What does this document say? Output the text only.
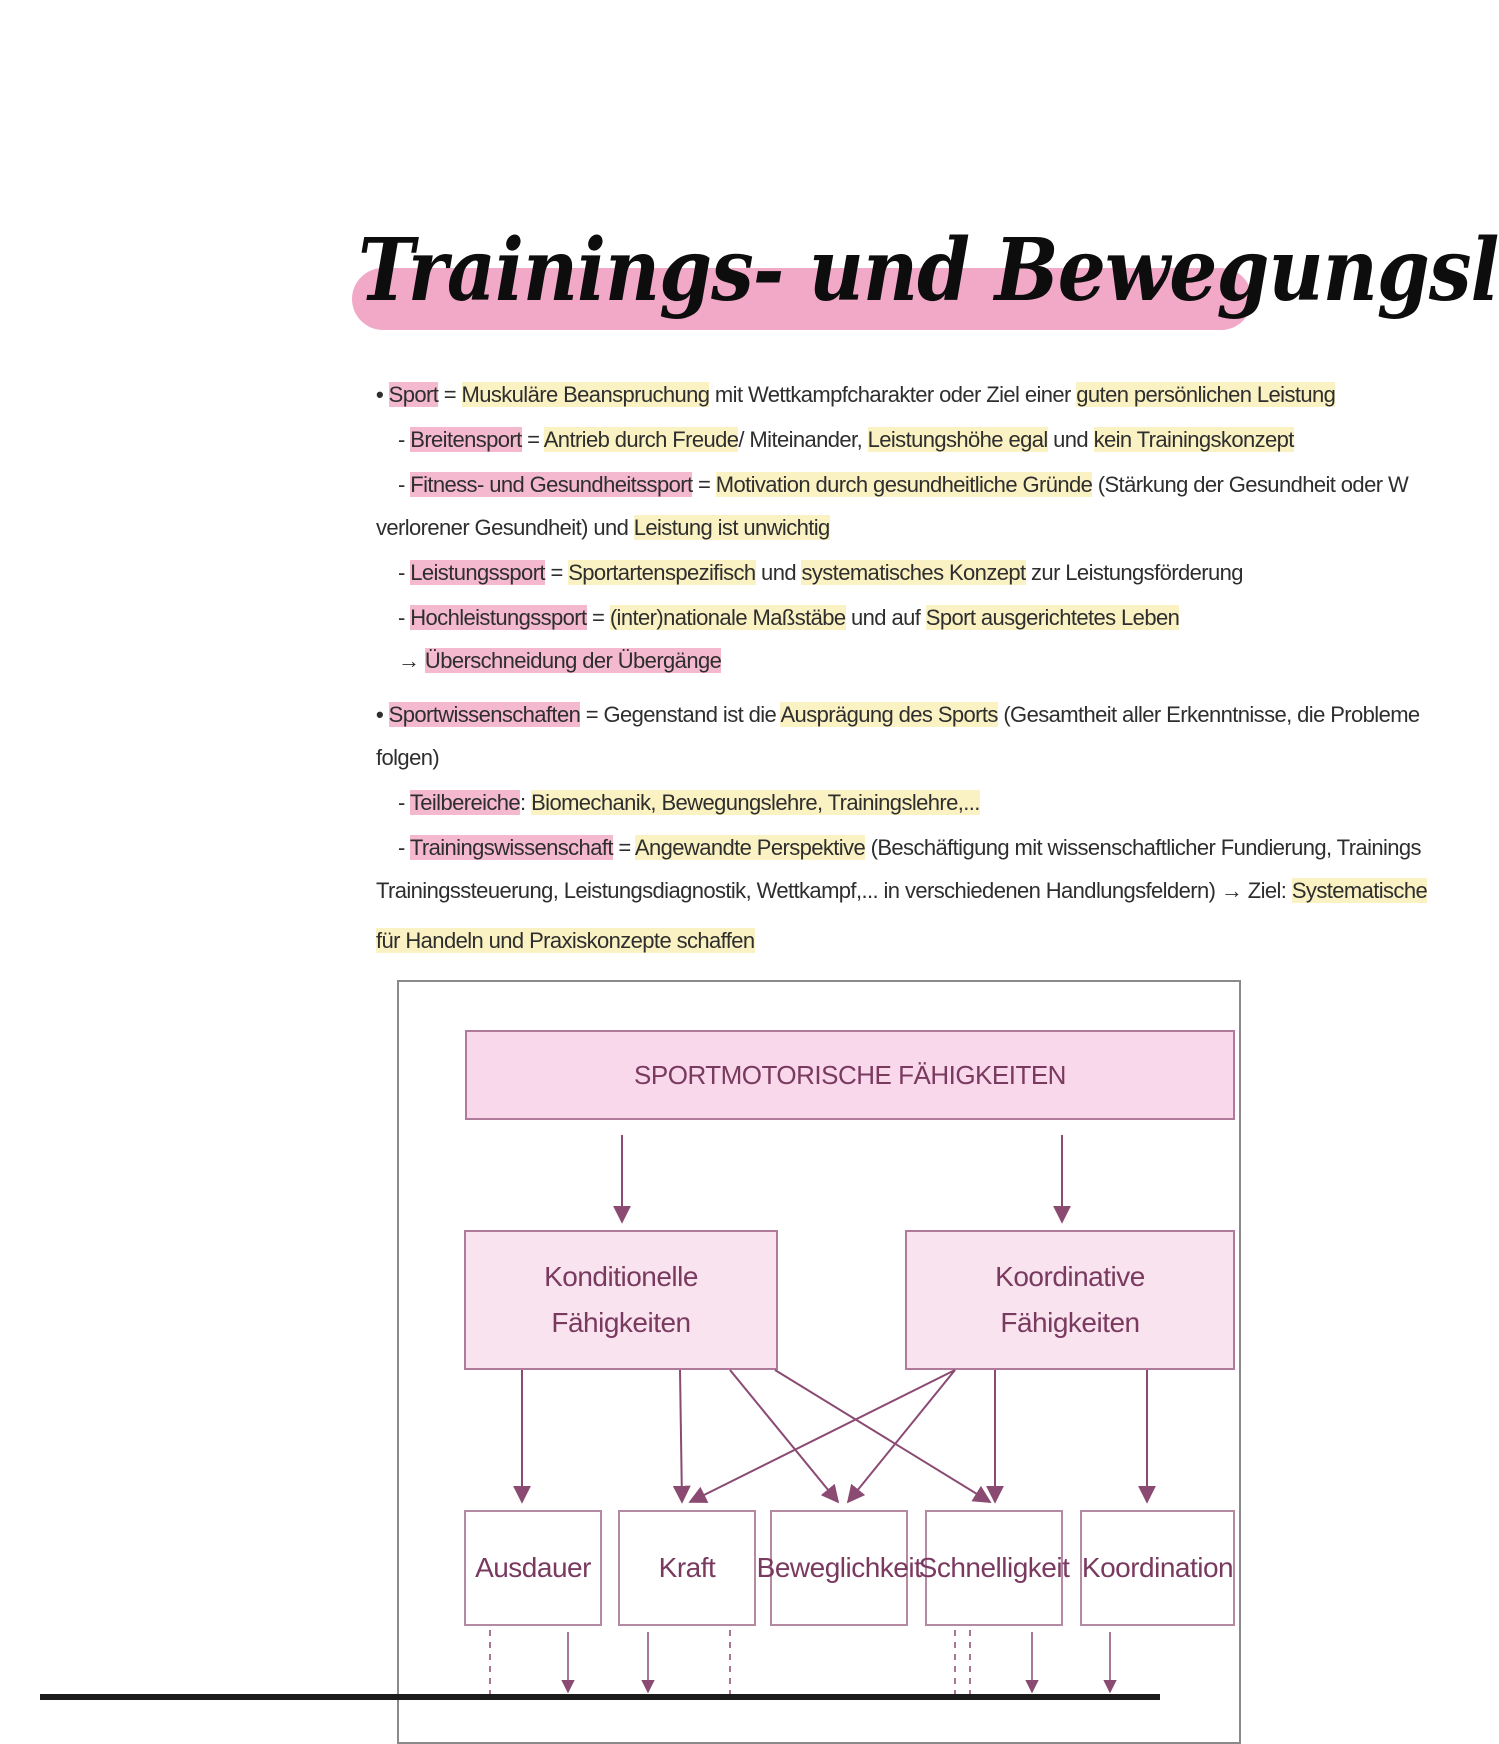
Trainings- und Bewegungsl
• Sport = Muskuläre Beanspruchung mit Wettkampfcharakter oder Ziel einer guten persönlichen Leistung
- Breitensport = Antrieb durch Freude/ Miteinander, Leistungshöhe egal und kein Trainingskonzept
- Fitness- und Gesundheitssport = Motivation durch gesundheitliche Gründe (Stärkung der Gesundheit oder W
verlorener Gesundheit) und Leistung ist unwichtig
- Leistungssport = Sportartenspezifisch und systematisches Konzept zur Leistungsförderung
- Hochleistungssport = (inter)nationale Maßstäbe und auf Sport ausgerichtetes Leben
→ Überschneidung der Übergänge
• Sportwissenschaften = Gegenstand ist die Ausprägung des Sports (Gesamtheit aller Erkenntnisse, die Probleme
folgen)
- Teilbereiche: Biomechanik, Bewegungslehre, Trainingslehre,...
- Trainingswissenschaft = Angewandte Perspektive (Beschäftigung mit wissenschaftlicher Fundierung, Trainings
Trainingssteuerung, Leistungsdiagnostik, Wettkampf,... in verschiedenen Handlungsfeldern) → Ziel: Systematische
für Handeln und Praxiskonzepte schaffen
SPORTMOTORISCHE FÄHIGKEITEN
Konditionelle
Fähigkeiten
Koordinative
Fähigkeiten
Ausdauer	Kraft	Beweglichkeit
Schnelligkeit Koordination
